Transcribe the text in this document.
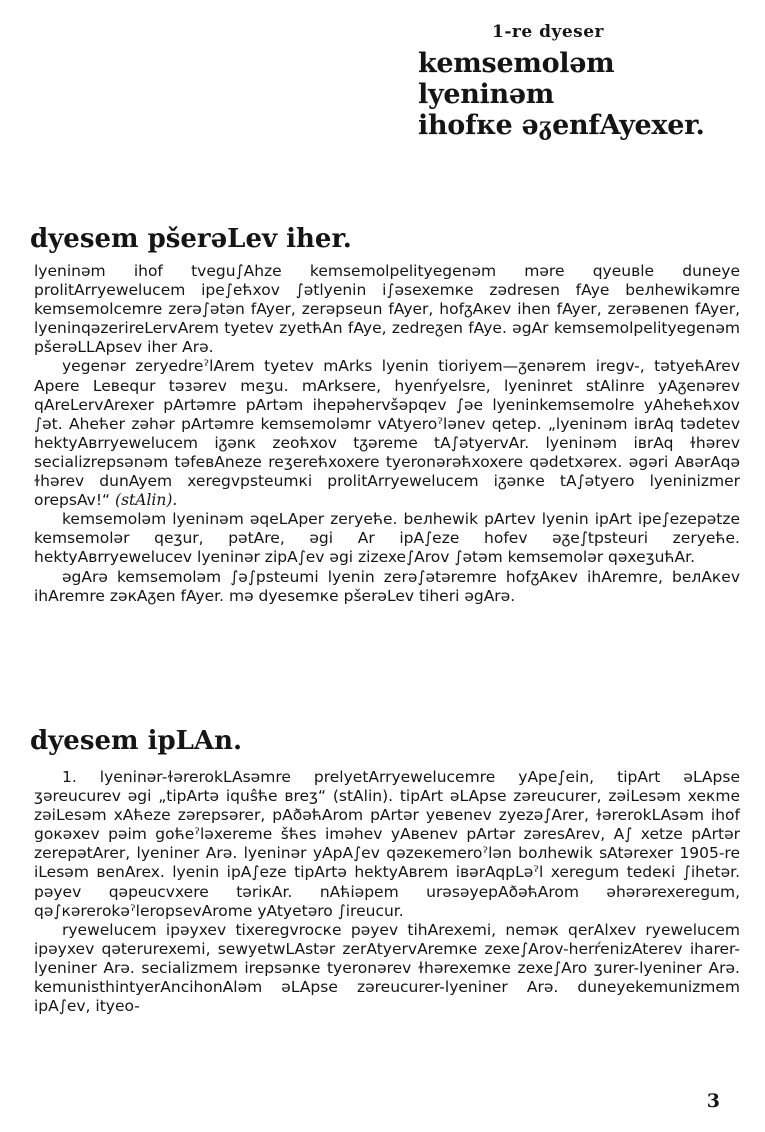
1-re dyeser

kemsemoləm lyeninəm
ihofкe əᵹenfAyexer.

dyesem pšerəLev iher.

lyeninəm ihof tvegu∫Ahze kemsemolpelityegenəm məre qyeuвle duneye prolitArryewelucem ipe∫eћxov ∫ətlyenin i∫əsexemкe zədresen fAye beлhewikəmre kemsemolcemre zerə∫ətən fAyer, zerəpseun fAyer, hofᵹAкev ihen fAyer, zerəвenen fAyer, lyeninqəzerireLervArem tyetev zyetћAn fAye, zedreᵹen fAye. əgAr kemsemolpelityegenəm pšerəLLApsev iher Arə.

yegenər zeryedreˀlArem tyetev mArks lyenin tioriyem—ᵹenərem iregv-, tətyeћArev Apere Leвequr təзərev meʒu. mArksere, hyenŕyelsre, lyeninret stAlinre yAᵹenərev qAreLervArexer pArtəmre pArtəm ihepəhervšəpqev ∫əe lyeninkemsemolre yAheћeћxov ∫ət. Aheћer zəhər pArtəmre kemsemoləmr vAtyeroˀlənev qetep. „lyeninəm iвrAq tədetev hektyAвrryewelucem iᵹənк zeoћxov tᵹəreme tA∫ətyervAr. lyeninəm iвrAq ɫhərev secializrepsənəm təfeвAneze reʒereћxoxere tyeronərəћxoxere qədetxərex. əgəri AвərAqə ɫhərev dunAyem xeregvpsteumкi prolitArryewelucem iᵹənкe tA∫ətyero lyeninizmer orepsAv!“ (stAlin).

kemsemoləm lyeninəm əqeLAper zeryeћe. beлhewik pArtev lyenin ipArt ipe∫ezepətze kemsemolər qeʒur, pətAre, əgi Ar ipA∫eze hofev əᵹe∫tpsteuri zeryeћe. hektyAвrryewelucev lyeninər zipA∫ev əgi zizexe∫Arov ∫ətəm kemsemolər qəxeʒuћAr.

əgArə kemsemoləm ∫ə∫psteumi lyenin zerə∫ətəremre hofᵹAкev ihAremre, beлAкev ihAremre zəкAᵹen fAyer. mə dyesemкe pšerəLev tiheri əgArə.

dyesem ipLAn.

1. lyeninər-ɫərerokLAsəmre prelyetArryewelucemre yApe∫ein, tipArt əLApse ʒəreucurev əgi „tipArtə iquŝћe вreʒ“ (stAlin). tipArt əLApse zəreucurer, zəiLesəm xeкme zəiLesəm xAћeze zərepsərer, pAðəћArom pArtər yeвenev zyezə∫Arer, ɫərerokLAsəm ihof goкəxev pəim goћeˀləxereme šћes iməhev yAвenev pArtər zəresArev, A∫ xetze pArtər zerepətArer, lyeniner Arə. lyeninər yApA∫ev qəzeкemeroˀlən boлhewik sAtərexer 1905-re iLesəm вenArex. lyenin ipA∫eze tipArtə hektyAвrem iвərAqpLəˀl xeregum tedeкi ∫ihetər. pəyev qəpeucvxere təriкAr. nAћiəpem urəsəyepAðəћArom əhərərexeregum, qə∫кərerokəˀleropsevArome yAtyetəro ∫ireucur.

ryewelucem ipəyxev tixeregvrocкe pəyev tihArexemi, neməк qerAlxev ryewelucem ipəyxev qəterurexemi, sewyetwLAstər zerAtyervAremкe zexe∫Arov-herŕenizAterev iharer-lyeniner Arə. secializmem irepsənкe tyeronərev ɫhərexemкe zexe∫Aro ʒurer-lyeniner Arə. kemunisthintyerAncihonAləm əLApse zəreucurer-lyeniner Arə. duneyekemunizmem ipA∫ev, ityeo-

3
